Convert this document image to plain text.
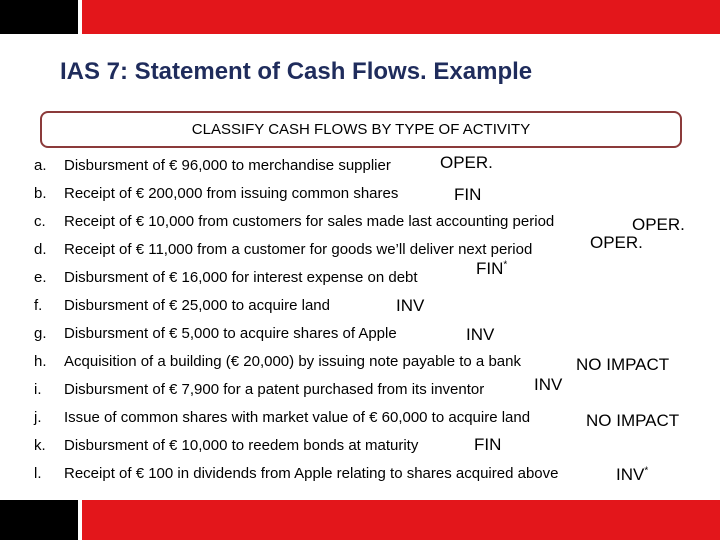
IAS 7: Statement of Cash Flows. Example
CLASSIFY CASH FLOWS BY TYPE OF ACTIVITY
a. Disbursment of € 96,000 to merchandise supplier	OPER.
b. Receipt of € 200,000 from issuing common shares	FIN
c. Receipt of € 10,000 from customers for sales made last accounting period	OPER.
d. Receipt of € 11,000 from a customer for goods we’ll deliver next period	OPER.
e. Disbursment of € 16,000 for interest expense on debt	FIN*
f. Disbursment of € 25,000 to acquire land	INV
g. Disbursment of € 5,000 to acquire shares of Apple	INV
h. Acquisition of a building (€ 20,000) by issuing note payable to a bank	NO IMPACT
i. Disbursment of € 7,900 for a patent purchased from its inventor	INV
j. Issue of common shares with market value of € 60,000 to acquire land	NO IMPACT
k. Disbursment of € 10,000 to reedem bonds at maturity	FIN
l. Receipt of € 100 in dividends from Apple relating to shares acquired above	INV*
